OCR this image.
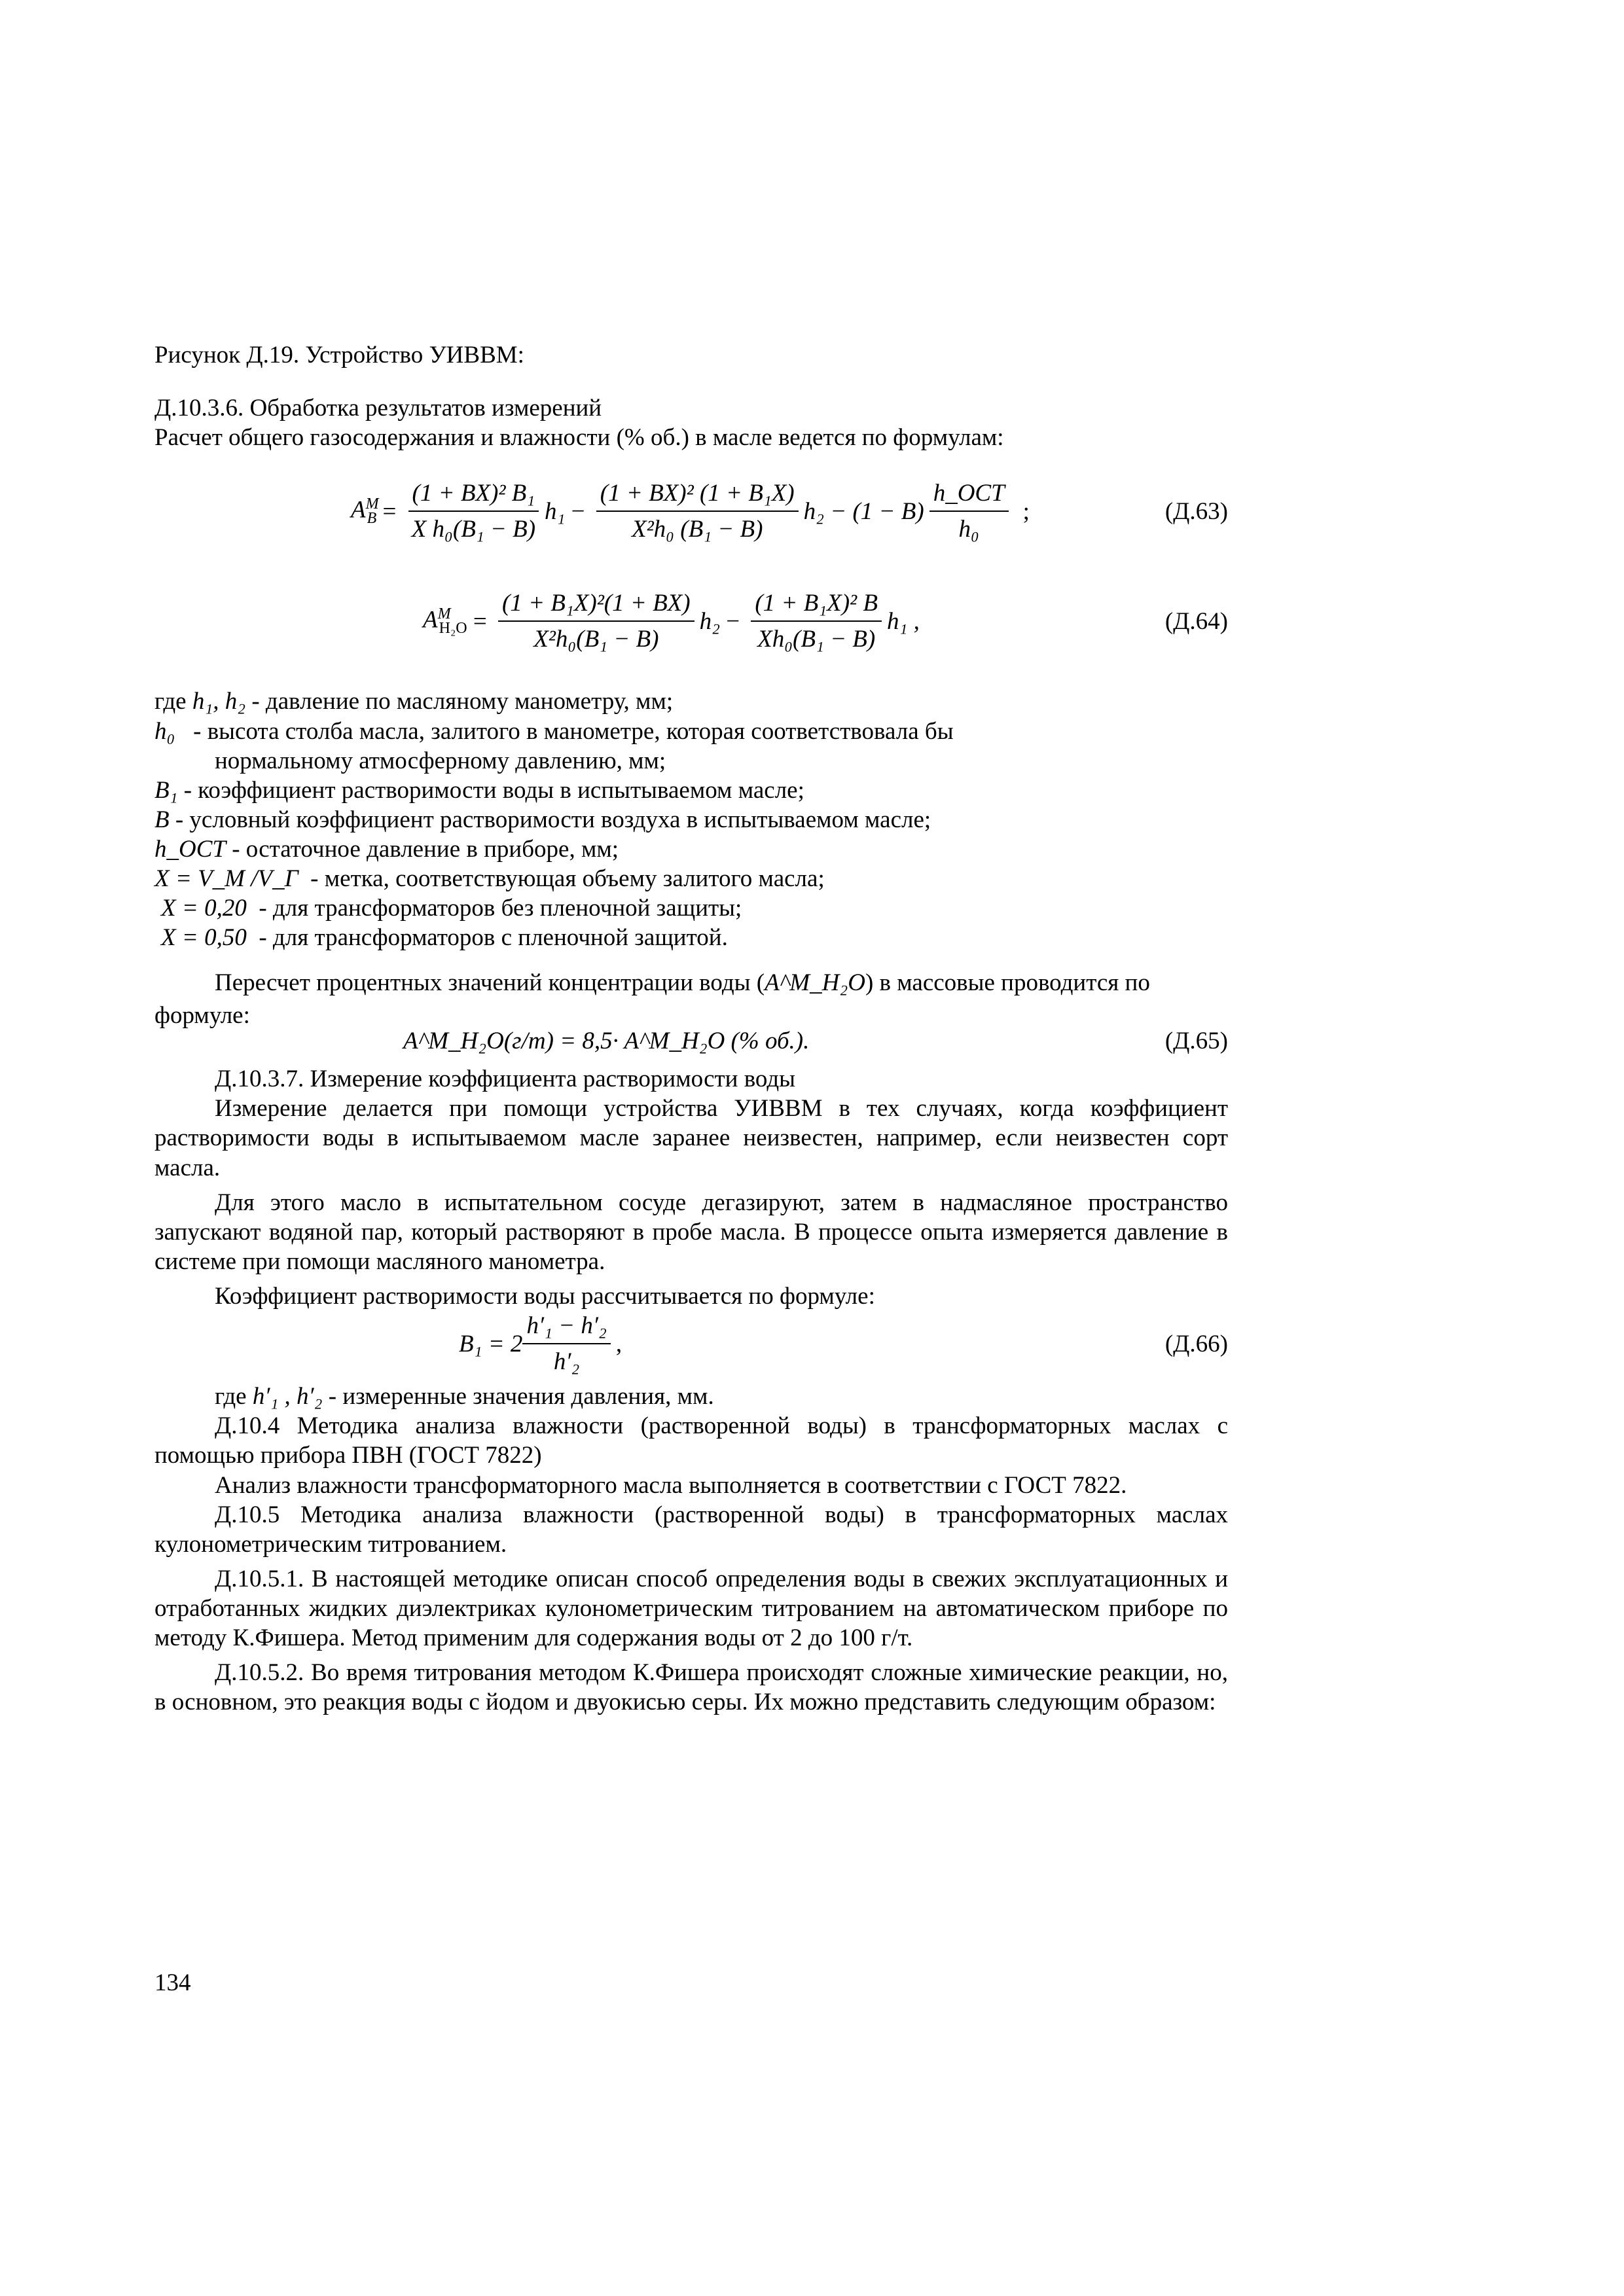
Рисунок Д.19. Устройство УИВВМ:

Д.10.3.6. Обработка результатов измерений

Расчет общего газосодержания и влажности (% об.) в масле ведется по формулам:

$A^M_B = \frac{\text{(1 + BX)² B₁}}{\text{X h₀(B₁ − B)}} h_1 - \frac{\text{(1 + BX)² (1 + B₁X)}}{\text{X²h₀ (B₁ − B)}} h_2 - (1 - B) \frac{\text{h\_ОСТ}}{\text{h₀}}$ ;	(Д.63)
$A^M_{H_2O} = \frac{\text{(1 + B₁X)²(1 + BX)}}{\text{X²h₀(B₁ − B)}} h_2 - \frac{\text{(1 + B₁X)² B}}{\text{Xh₀(B₁ − B)}} h_1$ ,	(Д.64)
где h₁, h₂ - давление по масляному манометру, мм;
h₀ - высота столба масла, залитого в манометре, которая соответствовала бы
нормальному атмосферному давлению, мм;
B₁ - коэффициент растворимости воды в испытываемом масле;
B - условный коэффициент растворимости воздуха в испытываемом масле;
h_ОСТ - остаточное давление в приборе, мм;
X = V_M /V_Г - метка, соответствующая объему залитого масла;
X = 0,20 - для трансформаторов без пленочной защиты;
X = 0,50 - для трансформаторов с пленочной защитой.

Пересчет процентных значений концентрации воды (A^M_H₂O) в массовые проводится по

формуле:

A^M_H₂O(г/т) = 8,5· A^M_H₂O (% об.).	(Д.65)

Д.10.3.7. Измерение коэффициента растворимости воды

Измерение делается при помощи устройства УИВВМ в тех случаях, когда коэффициент растворимости воды в испытываемом масле заранее неизвестен, например, если неизвестен сорт масла.

Для этого масло в испытательном сосуде дегазируют, затем в надмасляное пространство запускают водяной пар, который растворяют в пробе масла. В процессе опыта измеряется давление в системе при помощи масляного манометра.

Коэффициент растворимости воды рассчитывается по формуле:

$B_1 = 2 \frac{\text{h′₁ − h′₂}}{\text{h′₂}}$ ,	(Д.66)

где h′₁ , h′₂ - измеренные значения давления, мм.

Д.10.4 Методика анализа влажности (растворенной воды) в трансформаторных маслах с помощью прибора ПВН (ГОСТ 7822)

Анализ влажности трансформаторного масла выполняется в соответствии с ГОСТ 7822.

Д.10.5 Методика анализа влажности (растворенной воды) в трансформаторных маслах кулонометрическим титрованием.

Д.10.5.1. В настоящей методике описан способ определения воды в свежих эксплуатационных и отработанных жидких диэлектриках кулонометрическим титрованием на автоматическом приборе по методу К.Фишера. Метод применим для содержания воды от 2 до 100 г/т.

Д.10.5.2. Во время титрования методом К.Фишера происходят сложные химические реакции, но, в основном, это реакция воды с йодом и двуокисью серы. Их можно представить следующим образом:

134
